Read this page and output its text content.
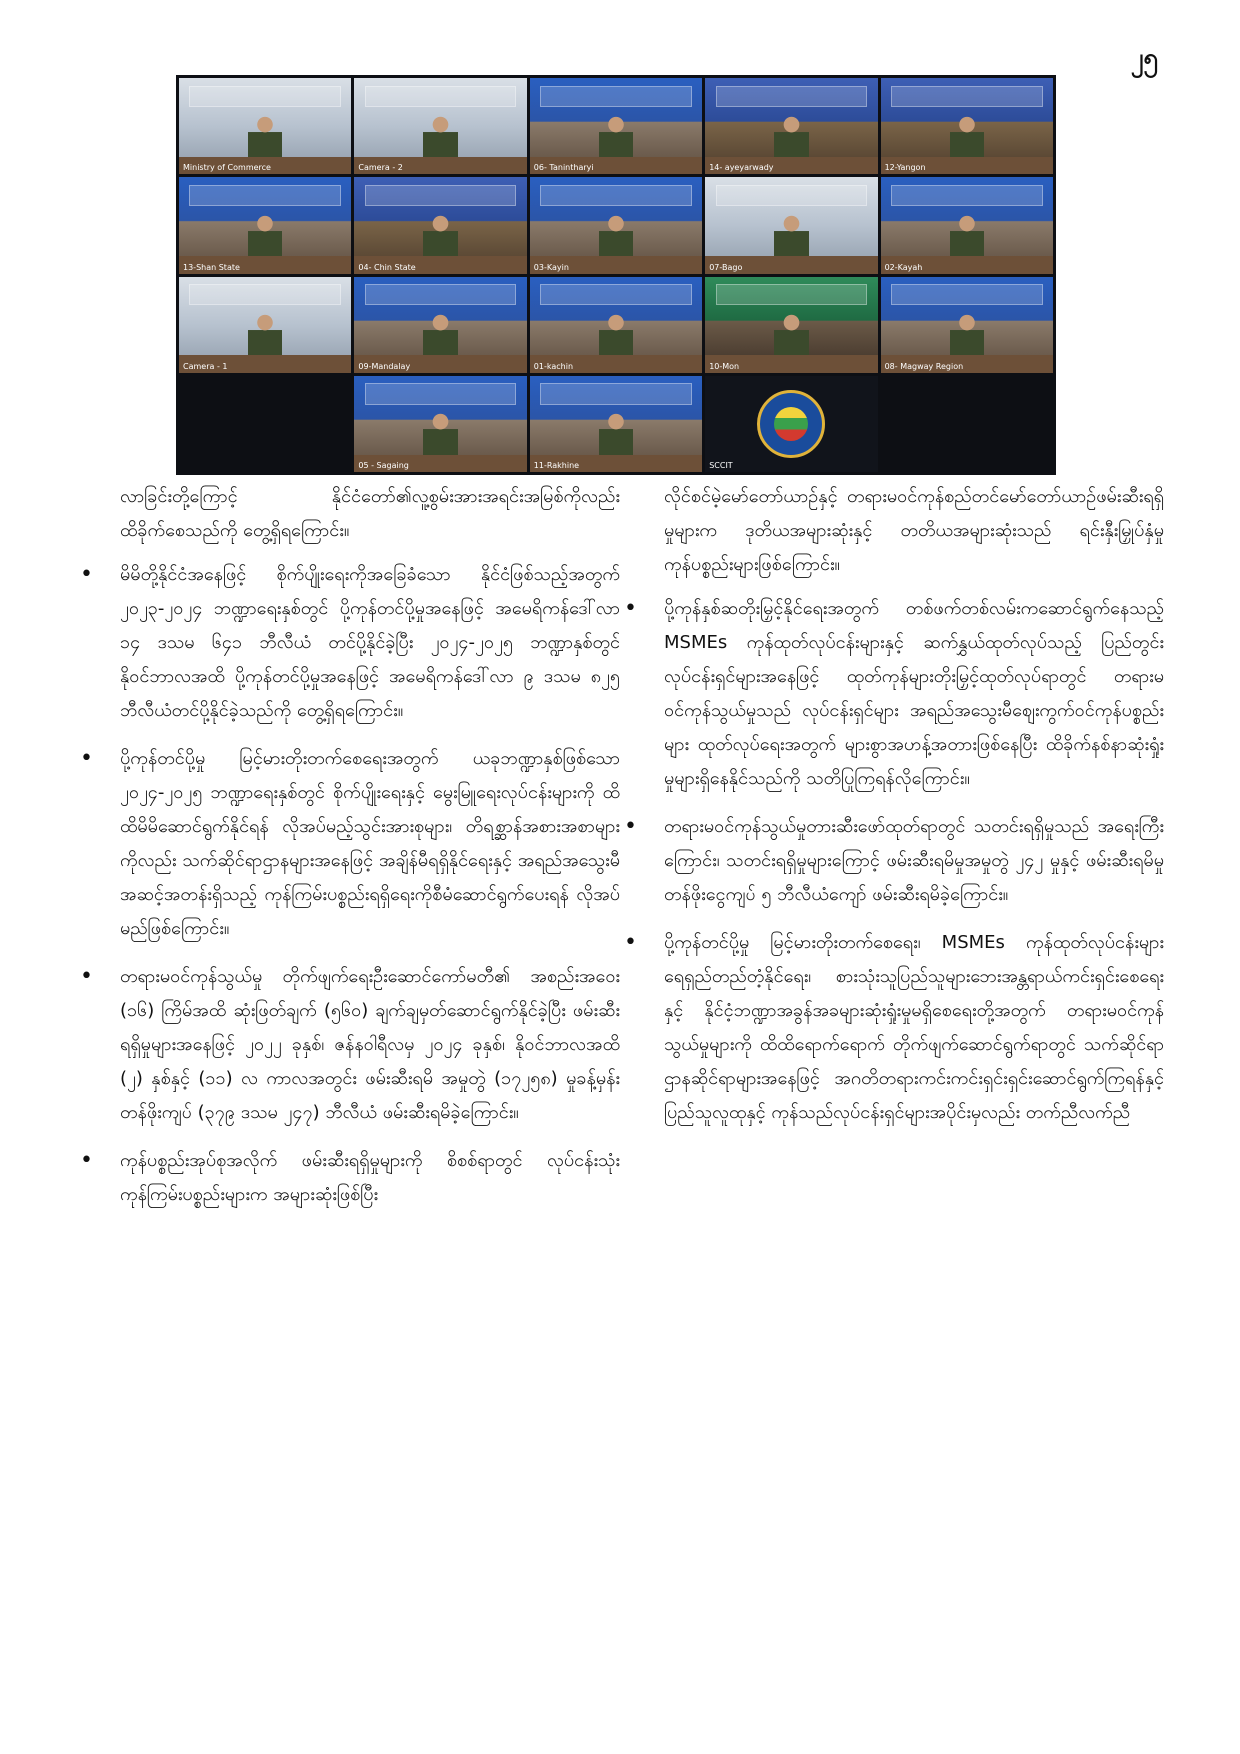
၂၅
Ministry of Commerce	Camera - 2	06- Tanintharyi	14- ayeyarwady	12-Yangon
13-Shan State	04- Chin State	03-Kayin	07-Bago	02-Kayah
Camera - 1	09-Mandalay	01-kachin	10-Mon	08- Magway Region
05 - Sagaing	11-Rakhine	SCCIT

လာခြင်းတို့ကြောင့် နိုင်ငံတော်၏လူ့စွမ်းအားအရင်းအမြစ်ကိုလည်း ထိခိုက်စေသည်ကို တွေ့ရှိရကြောင်း။

• မိမိတို့နိုင်ငံအနေဖြင့် စိုက်ပျိုးရေးကိုအခြေခံသော နိုင်ငံဖြစ်သည့်အတွက် ၂၀၂၃-၂၀၂၄ ဘဏ္ဍာရေးနှစ်တွင် ပို့ကုန်တင်ပို့မှုအနေဖြင့် အမေရိကန်ဒေါ်လာ ၁၄ ဒသမ ၆၄၁ ဘီလီယံ တင်ပို့နိုင်ခဲ့ပြီး ၂၀၂၄-၂၀၂၅ ဘဏ္ဍာနှစ်တွင် နိုဝင်ဘာလအထိ ပို့ကုန်တင်ပို့မှုအနေဖြင့် အမေရိကန်ဒေါ်လာ ၉ ဒသမ ၈၂၅ ဘီလီယံတင်ပို့နိုင်ခဲ့သည်ကို တွေ့ရှိရကြောင်း။
• ပို့ကုန်တင်ပို့မှု မြင့်မားတိုးတက်စေရေးအတွက် ယခုဘဏ္ဍာနှစ်ဖြစ်သော ၂၀၂၄-၂၀၂၅ ဘဏ္ဍာရေးနှစ်တွင် စိုက်ပျိုးရေးနှင့် မွေးမြူရေးလုပ်ငန်းများကို ထိထိမိမိဆောင်ရွက်နိုင်ရန် လိုအပ်မည့်သွင်းအားစုများ၊ တိရစ္ဆာန်အစားအစာများကိုလည်း သက်ဆိုင်ရာဌာနများအနေဖြင့် အချိန်မီရရှိနိုင်ရေးနှင့် အရည်အသွေးမီအဆင့်အတန်းရှိသည့် ကုန်ကြမ်းပစ္စည်းရရှိရေးကိုစီမံဆောင်ရွက်ပေးရန် လိုအပ်မည်ဖြစ်ကြောင်း။
• တရားမဝင်ကုန်သွယ်မှု တိုက်ဖျက်ရေးဦးဆောင်ကော်မတီ၏ အစည်းအဝေး (၁၆) ကြိမ်အထိ ဆုံးဖြတ်ချက် (၅၆၀) ချက်ချမှတ်ဆောင်ရွက်နိုင်ခဲ့ပြီး ဖမ်းဆီးရရှိမှုများအနေဖြင့် ၂၀၂၂ ခုနှစ်၊ ဇန်နဝါရီလမှ ၂၀၂၄ ခုနှစ်၊ နိုဝင်ဘာလအထိ (၂) နှစ်နှင့် (၁၁) လ ကာလအတွင်း ဖမ်းဆီးရမိ အမှုတွဲ (၁၇၂၅၈) မှုခန့်မှန်းတန်ဖိုးကျပ် (၃၇၉ ဒသမ ၂၄၇) ဘီလီယံ ဖမ်းဆီးရမိခဲ့ကြောင်း။
• ကုန်ပစ္စည်းအုပ်စုအလိုက် ဖမ်းဆီးရရှိမှုများကို စိစစ်ရာတွင် လုပ်ငန်းသုံးကုန်ကြမ်းပစ္စည်းများက အများဆုံးဖြစ်ပြီး

လိုင်စင်မဲ့မော်တော်ယာဉ်နှင့် တရားမဝင်ကုန်စည်တင်မော်တော်ယာဉ်ဖမ်းဆီးရရှိမှုများက ဒုတိယအများဆုံးနှင့် တတိယအများဆုံးသည် ရင်းနှီးမြှုပ်နှံမှုကုန်ပစ္စည်းများဖြစ်ကြောင်း။

• ပို့ကုန်နှစ်ဆတိုးမြှင့်နိုင်ရေးအတွက် တစ်ဖက်တစ်လမ်းကဆောင်ရွက်နေသည့် MSMEs ကုန်ထုတ်လုပ်ငန်းများနှင့် ဆက်နွှယ်ထုတ်လုပ်သည့် ပြည်တွင်းလုပ်ငန်းရှင်များအနေဖြင့် ထုတ်ကုန်များတိုးမြှင့်ထုတ်လုပ်ရာတွင် တရားမဝင်ကုန်သွယ်မှုသည် လုပ်ငန်းရှင်များ အရည်အသွေးမီစျေးကွက်ဝင်ကုန်ပစ္စည်းများ ထုတ်လုပ်ရေးအတွက် များစွာအဟန့်အတားဖြစ်နေပြီး ထိခိုက်နစ်နာဆုံးရှုံးမှုများရှိနေနိုင်သည်ကို သတိပြုကြရန်လိုကြောင်း။
• တရားမဝင်ကုန်သွယ်မှုတားဆီးဖော်ထုတ်ရာတွင် သတင်းရရှိမှုသည် အရေးကြီးကြောင်း၊ သတင်းရရှိမှုများကြောင့် ဖမ်းဆီးရမိမှုအမှုတွဲ ၂၄၂ မှုနှင့် ဖမ်းဆီးရမိမှုတန်ဖိုးငွေကျပ် ၅ ဘီလီယံကျော် ဖမ်းဆီးရမိခဲ့ကြောင်း။
• ပို့ကုန်တင်ပို့မှု မြင့်မားတိုးတက်စေရေး၊ MSMEs ကုန်ထုတ်လုပ်ငန်းများ ရေရှည်တည်တံ့နိုင်ရေး၊ စားသုံးသူပြည်သူများဘေးအန္တရာယ်ကင်းရှင်းစေရေးနှင့် နိုင်ငံ့ဘဏ္ဍာအခွန်အခများဆုံးရှုံးမှုမရှိစေရေးတို့အတွက် တရားမဝင်ကုန်သွယ်မှုများကို ထိထိရောက်ရောက် တိုက်ဖျက်ဆောင်ရွက်ရာတွင် သက်ဆိုင်ရာဌာနဆိုင်ရာများအနေဖြင့် အဂတိတရားကင်းကင်းရှင်းရှင်းဆောင်ရွက်ကြရန်နှင့် ပြည်သူလူထုနှင့် ကုန်သည်လုပ်ငန်းရှင်များအပိုင်းမှလည်း တက်ညီလက်ညီ
